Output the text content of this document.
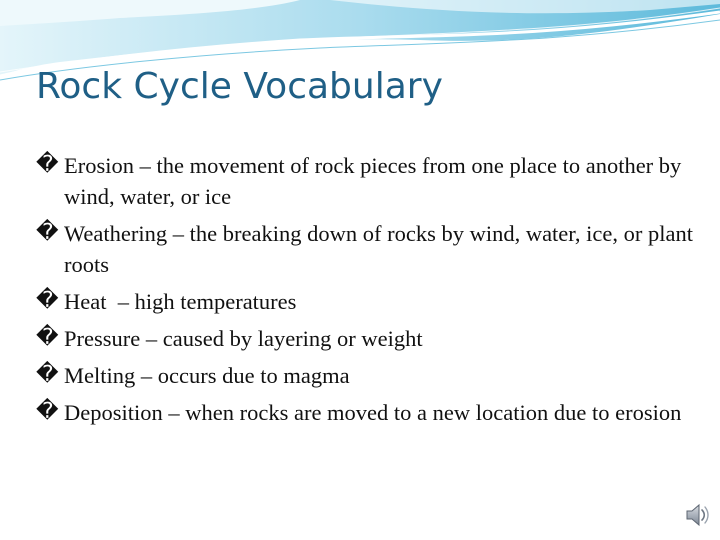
Rock Cycle Vocabulary
� Erosion – the movement of rock pieces from one place to another by wind, water, or ice
� Weathering – the breaking down of rocks by wind, water, ice, or plant roots
� Heat  – high temperatures
� Pressure – caused by layering or weight
� Melting – occurs due to magma
� Deposition – when rocks are moved to a new location due to erosion
